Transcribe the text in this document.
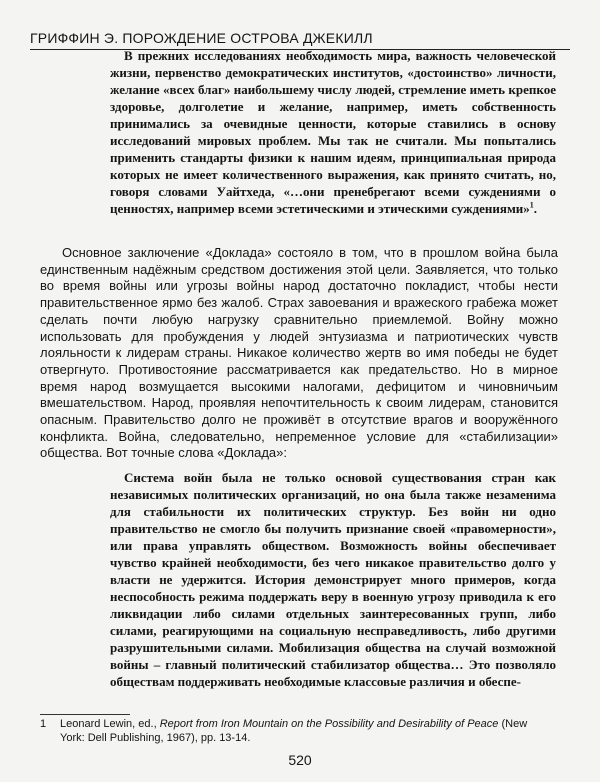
ГРИФФИН Э. ПОРОЖДЕНИЕ ОСТРОВА ДЖЕКИЛЛ
В прежних исследованиях необходимость мира, важность человеческой жизни, первенство демократических институтов, «достоинство» личности, желание «всех благ» наибольшему числу людей, стремление иметь крепкое здоровье, долголетие и желание, например, иметь собственность принимались за очевидные ценности, которые ставились в основу исследований мировых проблем. Мы так не считали. Мы попытались применить стандарты физики к нашим идеям, принципиальная природа которых не имеет количественного выражения, как принято считать, но, говоря словами Уайтхеда, «…они пренебрегают всеми суждениями о ценностях, например всеми эстетическими и этическими суждениями»$^1$.
Основное заключение «Доклада» состояло в том, что в прошлом война была единственным надёжным средством достижения этой цели. Заявляется, что только во время войны или угрозы войны народ достаточно покладист, чтобы нести правительственное ярмо без жалоб. Страх завоевания и вражеского грабежа может сделать почти любую нагрузку сравнительно приемлемой. Войну можно использовать для пробуждения у людей энтузиазма и патриотических чувств лояльности к лидерам страны. Никакое количество жертв во имя победы не будет отвергнуто. Противостояние рассматривается как предательство. Но в мирное время народ возмущается высокими налогами, дефицитом и чиновничьим вмешательством. Народ, проявляя непочтительность к своим лидерам, становится опасным. Правительство долго не проживёт в отсутствие врагов и вооружённого конфликта. Война, следовательно, непременное условие для «стабилизации» общества. Вот точные слова «Доклада»:
Система войн была не только основой существования стран как независимых политических организаций, но она была также незаменима для стабильности их политических структур. Без войн ни одно правительство не смогло бы получить признание своей «правомерности», или права управлять обществом. Возможность войны обеспечивает чувство крайней необходимости, без чего никакое правительство долго у власти не удержится. История демонстрирует много примеров, когда неспособность режима поддержать веру в военную угрозу приводила к его ликвидации либо силами отдельных заинтересованных групп, либо силами, реагирующими на социальную несправедливость, либо другими разрушительными силами. Мобилизация общества на случай возможной войны – главный политический стабилизатор общества… Это позволяло обществам поддерживать необходимые классовые различия и обеспе-
1 Leonard Lewin, ed., Report from Iron Mountain on the Possibility and Desirability of Peace (New
York: Dell Publishing, 1967), pp. 13-14.
520
